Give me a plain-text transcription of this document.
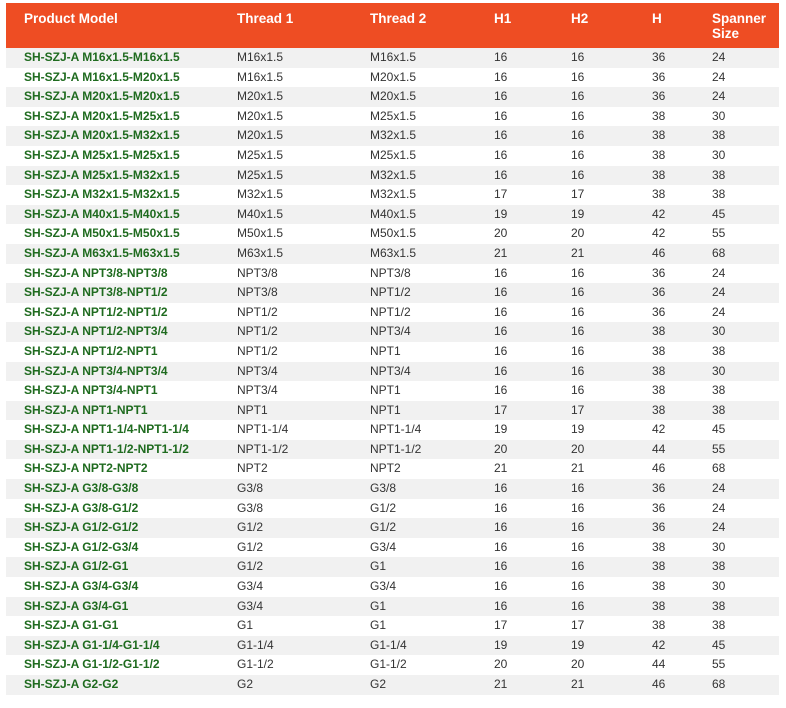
Product Model	Thread 1	Thread 2	H1	H2	H	Spanner Size
SH-SZJ-A M16x1.5-M16x1.5	M16x1.5	M16x1.5	16	16	36	24
SH-SZJ-A M16x1.5-M20x1.5	M16x1.5	M20x1.5	16	16	36	24
SH-SZJ-A M20x1.5-M20x1.5	M20x1.5	M20x1.5	16	16	36	24
SH-SZJ-A M20x1.5-M25x1.5	M20x1.5	M25x1.5	16	16	38	30
SH-SZJ-A M20x1.5-M32x1.5	M20x1.5	M32x1.5	16	16	38	38
SH-SZJ-A M25x1.5-M25x1.5	M25x1.5	M25x1.5	16	16	38	30
SH-SZJ-A M25x1.5-M32x1.5	M25x1.5	M32x1.5	16	16	38	38
SH-SZJ-A M32x1.5-M32x1.5	M32x1.5	M32x1.5	17	17	38	38
SH-SZJ-A M40x1.5-M40x1.5	M40x1.5	M40x1.5	19	19	42	45
SH-SZJ-A M50x1.5-M50x1.5	M50x1.5	M50x1.5	20	20	42	55
SH-SZJ-A M63x1.5-M63x1.5	M63x1.5	M63x1.5	21	21	46	68
SH-SZJ-A NPT3/8-NPT3/8	NPT3/8	NPT3/8	16	16	36	24
SH-SZJ-A NPT3/8-NPT1/2	NPT3/8	NPT1/2	16	16	36	24
SH-SZJ-A NPT1/2-NPT1/2	NPT1/2	NPT1/2	16	16	36	24
SH-SZJ-A NPT1/2-NPT3/4	NPT1/2	NPT3/4	16	16	38	30
SH-SZJ-A NPT1/2-NPT1	NPT1/2	NPT1	16	16	38	38
SH-SZJ-A NPT3/4-NPT3/4	NPT3/4	NPT3/4	16	16	38	30
SH-SZJ-A NPT3/4-NPT1	NPT3/4	NPT1	16	16	38	38
SH-SZJ-A NPT1-NPT1	NPT1	NPT1	17	17	38	38
SH-SZJ-A NPT1-1/4-NPT1-1/4	NPT1-1/4	NPT1-1/4	19	19	42	45
SH-SZJ-A NPT1-1/2-NPT1-1/2	NPT1-1/2	NPT1-1/2	20	20	44	55
SH-SZJ-A NPT2-NPT2	NPT2	NPT2	21	21	46	68
SH-SZJ-A G3/8-G3/8	G3/8	G3/8	16	16	36	24
SH-SZJ-A G3/8-G1/2	G3/8	G1/2	16	16	36	24
SH-SZJ-A G1/2-G1/2	G1/2	G1/2	16	16	36	24
SH-SZJ-A G1/2-G3/4	G1/2	G3/4	16	16	38	30
SH-SZJ-A G1/2-G1	G1/2	G1	16	16	38	38
SH-SZJ-A G3/4-G3/4	G3/4	G3/4	16	16	38	30
SH-SZJ-A G3/4-G1	G3/4	G1	16	16	38	38
SH-SZJ-A G1-G1	G1	G1	17	17	38	38
SH-SZJ-A G1-1/4-G1-1/4	G1-1/4	G1-1/4	19	19	42	45
SH-SZJ-A G1-1/2-G1-1/2	G1-1/2	G1-1/2	20	20	44	55
SH-SZJ-A G2-G2	G2	G2	21	21	46	68
